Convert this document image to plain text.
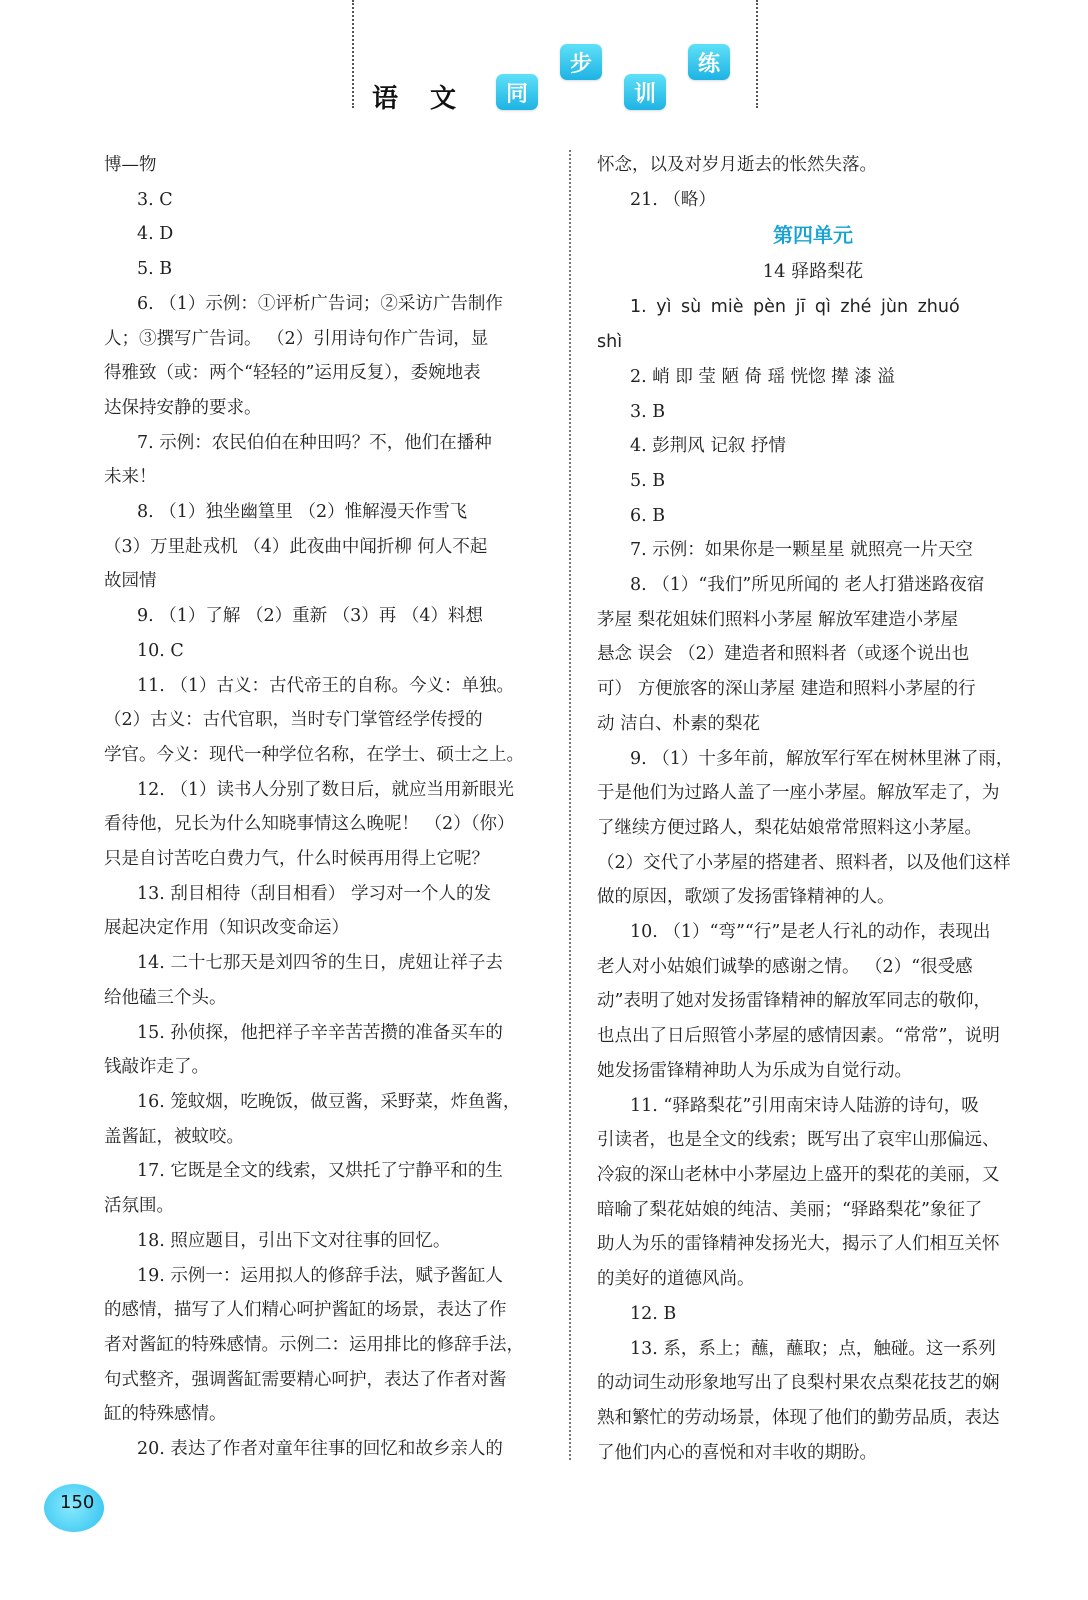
语 文	同
步
训
练
博—物
3. C
4. D
5. B
6. （1）示例：①评析广告词；②采访广告制作
人；③撰写广告词。 （2）引用诗句作广告词，显
得雅致（或：两个“轻轻的”运用反复），委婉地表
达保持安静的要求。
7. 示例：农民伯伯在种田吗？不，他们在播种
未来！
8. （1）独坐幽篁里 （2）惟解漫天作雪飞
（3）万里赴戎机 （4）此夜曲中闻折柳 何人不起
故园情
9. （1）了解 （2）重新 （3）再 （4）料想
10. C
11. （1）古义：古代帝王的自称。今义：单独。
（2）古义：古代官职，当时专门掌管经学传授的
学官。今义：现代一种学位名称，在学士、硕士之上。
12. （1）读书人分别了数日后，就应当用新眼光
看待他，兄长为什么知晓事情这么晚呢！ （2）（你）
只是自讨苦吃白费力气，什么时候再用得上它呢？
13. 刮目相待（刮目相看） 学习对一个人的发
展起决定作用（知识改变命运）
14. 二十七那天是刘四爷的生日，虎妞让祥子去
给他磕三个头。
15. 孙侦探，他把祥子辛辛苦苦攒的准备买车的
钱敲诈走了。
16. 笼蚊烟，吃晚饭，做豆酱，采野菜，炸鱼酱，
盖酱缸，被蚊咬。
17. 它既是全文的线索，又烘托了宁静平和的生
活氛围。
18. 照应题目，引出下文对往事的回忆。
19. 示例一：运用拟人的修辞手法，赋予酱缸人
的感情，描写了人们精心呵护酱缸的场景，表达了作
者对酱缸的特殊感情。示例二：运用排比的修辞手法，
句式整齐，强调酱缸需要精心呵护，表达了作者对酱
缸的特殊感情。
20. 表达了作者对童年往事的回忆和故乡亲人的
怀念，以及对岁月逝去的怅然失落。
21. （略）
第四单元
14 驿路梨花
1. yì sù miè pèn jī qì zhé jùn zhuó
shì
2. 峭 即 莹 陋 倚 瑶 恍惚 撵 漆 溢
3. B
4. 彭荆风 记叙 抒情
5. B
6. B
7. 示例：如果你是一颗星星 就照亮一片天空
8. （1）“我们”所见所闻的 老人打猎迷路夜宿
茅屋 梨花姐妹们照料小茅屋 解放军建造小茅屋
悬念 误会 （2）建造者和照料者（或逐个说出也
可） 方便旅客的深山茅屋 建造和照料小茅屋的行
动 洁白、朴素的梨花
9. （1）十多年前，解放军行军在树林里淋了雨，
于是他们为过路人盖了一座小茅屋。解放军走了，为
了继续方便过路人，梨花姑娘常常照料这小茅屋。
（2）交代了小茅屋的搭建者、照料者，以及他们这样
做的原因，歌颂了发扬雷锋精神的人。
10. （1）“弯”“行”是老人行礼的动作，表现出
老人对小姑娘们诚挚的感谢之情。 （2）“很受感
动”表明了她对发扬雷锋精神的解放军同志的敬仰，
也点出了日后照管小茅屋的感情因素。“常常”，说明
她发扬雷锋精神助人为乐成为自觉行动。
11. “驿路梨花”引用南宋诗人陆游的诗句，吸
引读者，也是全文的线索；既写出了哀牢山那偏远、
冷寂的深山老林中小茅屋边上盛开的梨花的美丽，又
暗喻了梨花姑娘的纯洁、美丽；“驿路梨花”象征了
助人为乐的雷锋精神发扬光大，揭示了人们相互关怀
的美好的道德风尚。
12. B
13. 系，系上；蘸，蘸取；点，触碰。这一系列
的动词生动形象地写出了良梨村果农点梨花技艺的娴
熟和繁忙的劳动场景，体现了他们的勤劳品质，表达
了他们内心的喜悦和对丰收的期盼。
150
